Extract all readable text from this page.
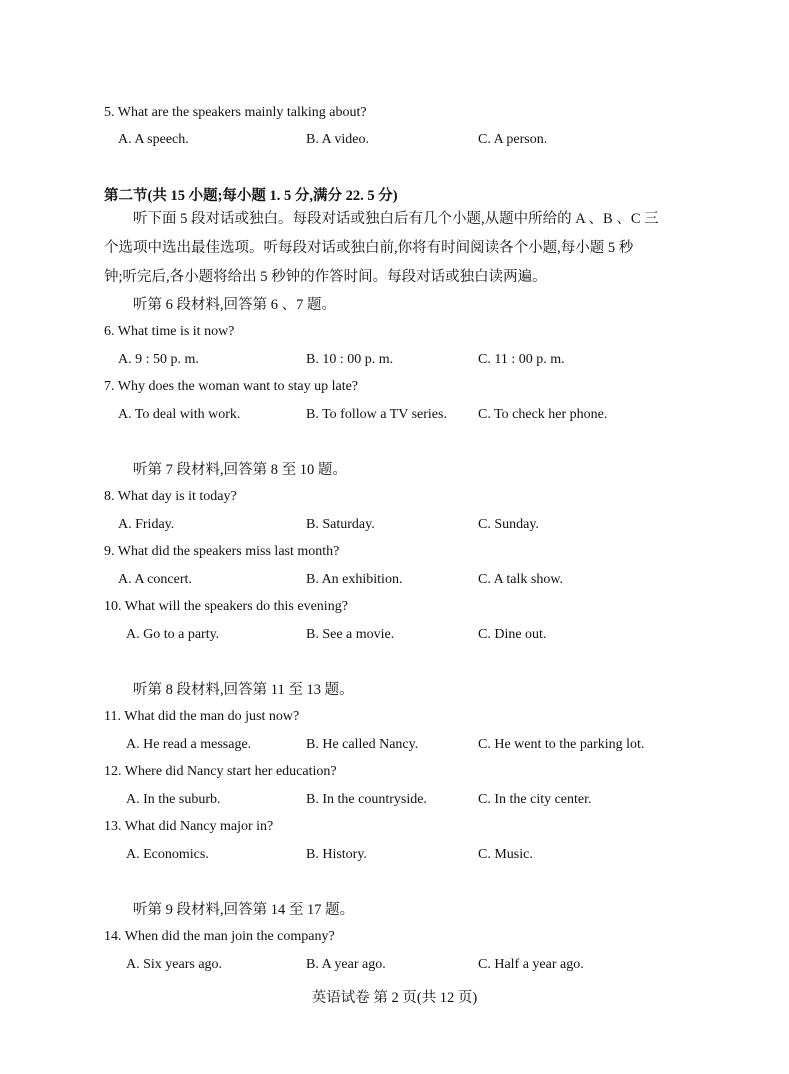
5. What are the speakers mainly talking about?
A. A speech.	B. A video.	C. A person.
第二节(共 15 小题;每小题 1. 5 分,满分 22. 5 分)
听下面 5 段对话或独白。每段对话或独白后有几个小题,从题中所给的 A 、B 、C 三
个选项中选出最佳选项。听每段对话或独白前,你将有时间阅读各个小题,每小题 5 秒
钟;听完后,各小题将给出 5 秒钟的作答时间。每段对话或独白读两遍。
听第 6 段材料,回答第 6 、7 题。
6. What time is it now?
A. 9 : 50 p. m.	B. 10 : 00 p. m.	C. 11 : 00 p. m.
7. Why does the woman want to stay up late?
A. To deal with work.	B. To follow a TV series. C. To check her phone.
听第 7 段材料,回答第 8 至 10 题。
8. What day is it today?
A. Friday.	B. Saturday.	C. Sunday.
9. What did the speakers miss last month?
A. A concert.	B. An exhibition.	C. A talk show.
10. What will the speakers do this evening?
A. Go to a party.	B. See a movie.	C. Dine out.
听第 8 段材料,回答第 11 至 13 题。
11. What did the man do just now?
A. He read a message.	B. He called Nancy.	C. He went to the parking lot.
12. Where did Nancy start her education?
A. In the suburb.	B. In the countryside.	C. In the city center.
13. What did Nancy major in?
A. Economics.	B. History.	C. Music.
听第 9 段材料,回答第 14 至 17 题。
14. When did the man join the company?
A. Six years ago.	B. A year ago.	C. Half a year ago.
英语试卷 第 2 页(共 12 页)
